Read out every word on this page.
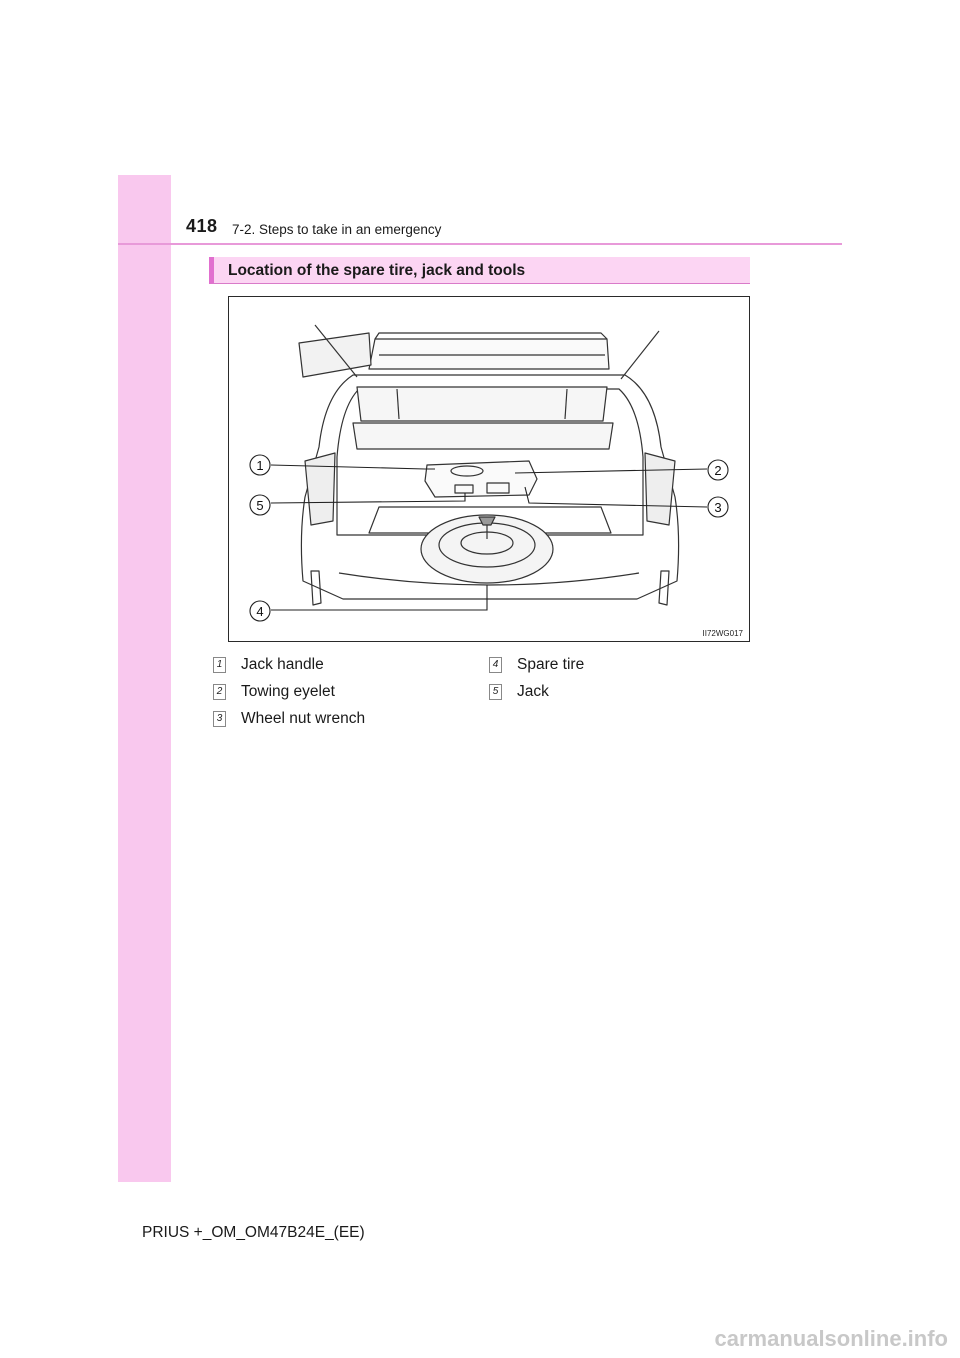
418 7-2. Steps to take in an emergency
Location of the spare tire, jack and tools
1	2
3
4
5
II72WG017
1 Jack handle
2 Towing eyelet
3 Wheel nut wrench
4 Spare tire
5 Jack
PRIUS +_OM_OM47B24E_(EE)
carmanualsonline.info
